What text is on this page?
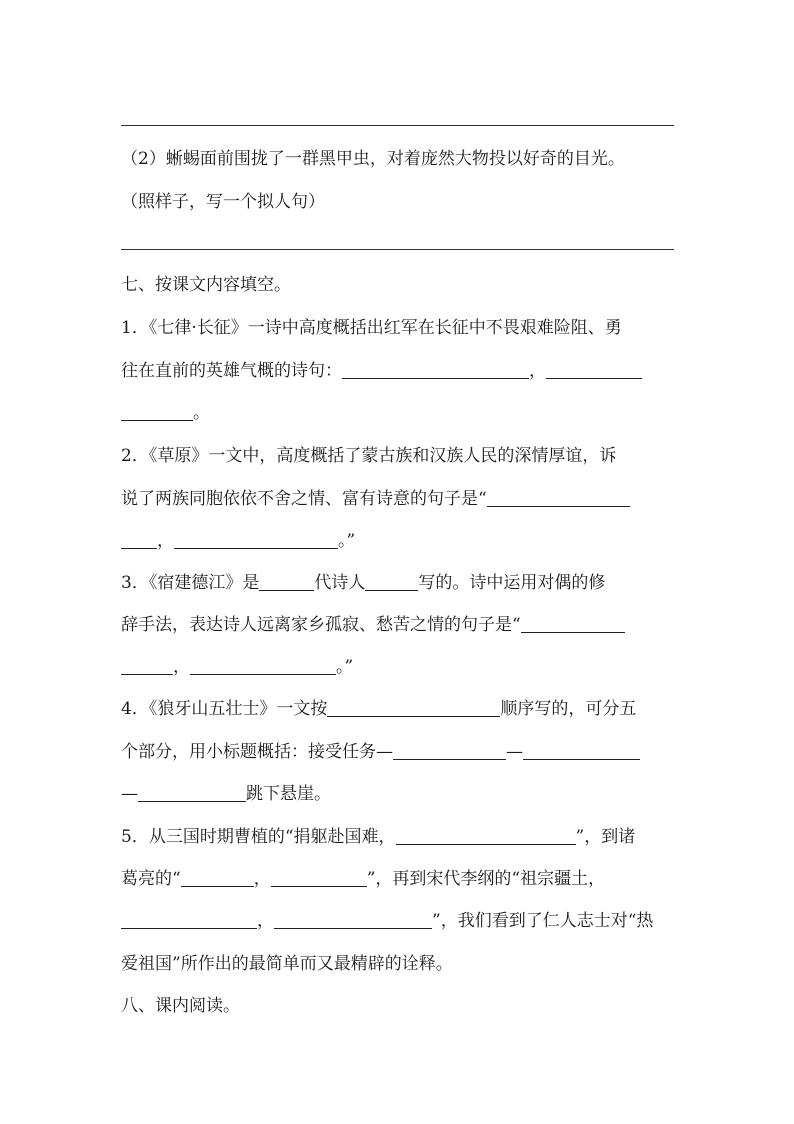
（2）蜥蜴面前围拢了一群黑甲虫，对着庞然大物投以好奇的目光。
（照样子，写一个拟人句）
七、按课文内容填空。
1．《七律·长征》一诗中高度概括出红军在长征中不畏艰难险阻、勇
往在直前的英雄气概的诗句：	，
。
2．《草原》一文中，高度概括了蒙古族和汉族人民的深情厚谊，诉
说了两族同胞依依不舍之情、富有诗意的句子是“
，	。”
3．《宿建德江》是	代诗人	写的。诗中运用对偶的修
辞手法，表达诗人远离家乡孤寂、愁苦之情的句子是“
，	。”
4．《狼牙山五壮士》一文按	顺序写的，可分五
个部分，用小标题概括：接受任务—	—
—	跳下悬崖。
5．从三国时期曹植的“捐躯赴国难，	”，到诸
葛亮的“	，	”，再到宋代李纲的“祖宗疆土，
，	”，我们看到了仁人志士对“热
爱祖国”所作出的最简单而又最精辟的诠释。
八、课内阅读。
